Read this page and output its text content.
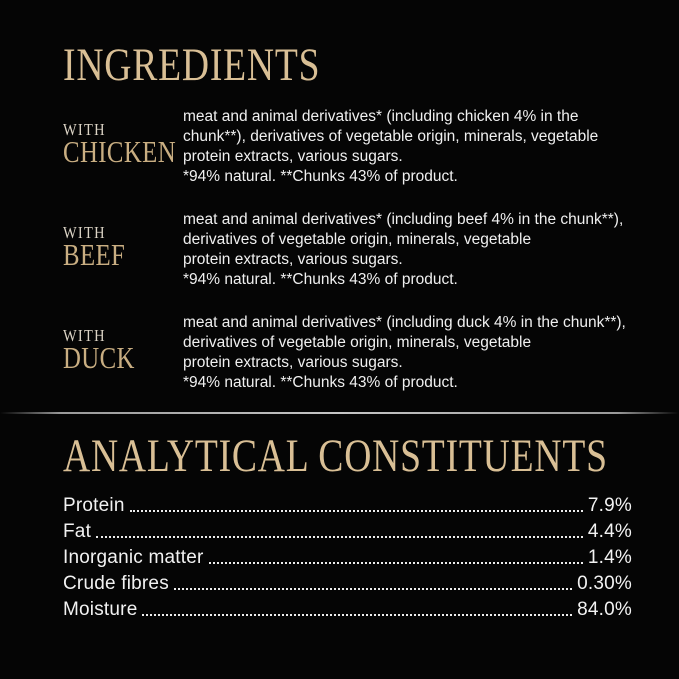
INGREDIENTS
WITH
CHICKEN
meat and animal derivatives* (including chicken 4% in the
chunk**), derivatives of vegetable origin, minerals, vegetable
protein extracts, various sugars.
*94% natural. **Chunks 43% of product.
WITH
BEEF
meat and animal derivatives* (including beef 4% in the chunk**),
derivatives of vegetable origin, minerals, vegetable
protein extracts, various sugars.
*94% natural. **Chunks 43% of product.
WITH
DUCK
meat and animal derivatives* (including duck 4% in the chunk**),
derivatives of vegetable origin, minerals, vegetable
protein extracts, various sugars.
*94% natural. **Chunks 43% of product.
ANALYTICAL CONSTITUENTS
Protein	7.9%
Fat	4.4%
Inorganic matter	1.4%
Crude fibres	0.30%
Moisture	84.0%
